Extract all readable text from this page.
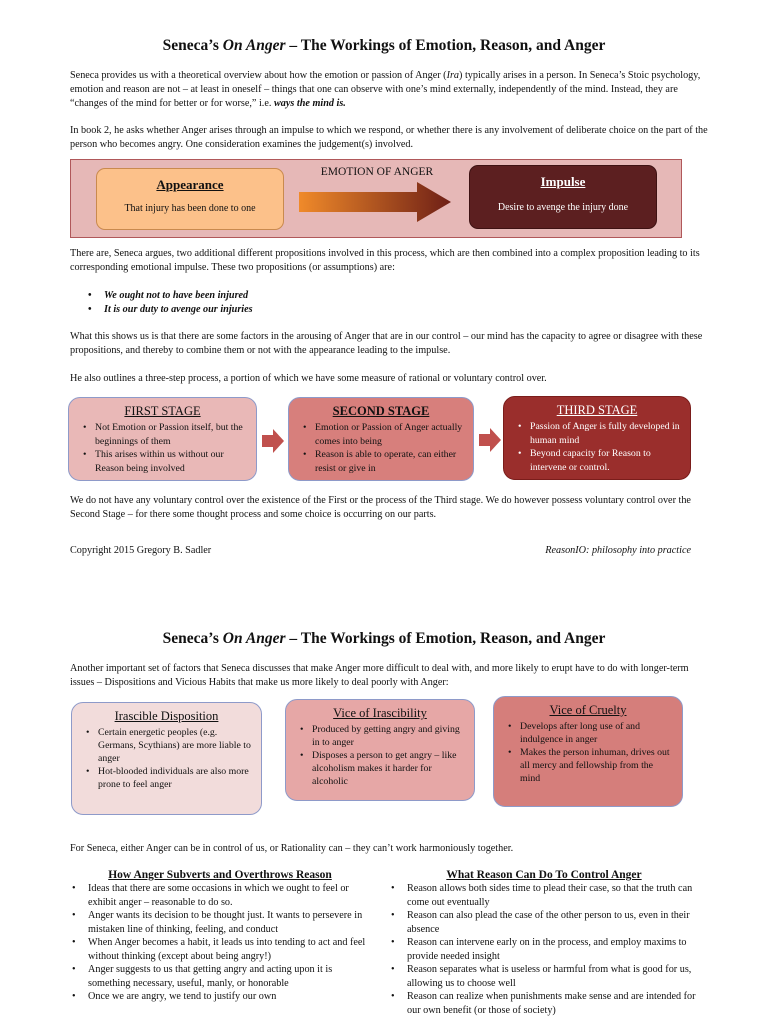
Seneca’s On Anger – The Workings of Emotion, Reason, and Anger
Seneca provides us with a theoretical overview about how the emotion or passion of Anger (Ira) typically arises in a person. In Seneca’s Stoic psychology, emotion and reason are not – at least in oneself – things that one can observe with one’s mind externally, independently of the mind. Instead, they are “changes of the mind for better or for worse,” i.e. ways the mind is.
In book 2, he asks whether Anger arises through an impulse to which we respond, or whether there is any involvement of deliberate choice on the part of the person who becomes angry. One consideration examines the judgement(s) involved.
EMOTION OF ANGER
Appearance
That injury has been done to one
Impulse
Desire to avenge the injury done
There are, Seneca argues, two additional different propositions involved in this process, which are then combined into a complex proposition leading to its corresponding emotional impulse. These two propositions (or assumptions) are:
• We ought not to have been injured
• It is our duty to avenge our injuries
What this shows us is that there are some factors in the arousing of Anger that are in our control – our mind has the capacity to agree or disagree with these propositions, and thereby to combine them or not with the appearance leading to the impulse.
He also outlines a three-step process, a portion of which we have some measure of rational or voluntary control over.
FIRST STAGE
• Not Emotion or Passion itself, but the beginnings of them
• This arises within us without our Reason being involved
SECOND STAGE
• Emotion or Passion of Anger actually comes into being
• Reason is able to operate, can either resist or give in
THIRD STAGE
• Passion of Anger is fully developed in human mind
• Beyond capacity for Reason to intervene or control.
We do not have any voluntary control over the existence of the First or the process of the Third stage. We do however possess voluntary control over the Second Stage – for there some thought process and some choice is occurring on our parts.
Copyright 2015 Gregory B. Sadler	ReasonIO: philosophy into practice
Seneca’s On Anger – The Workings of Emotion, Reason, and Anger
Another important set of factors that Seneca discusses that make Anger more difficult to deal with, and more likely to erupt have to do with longer-term issues – Dispositions and Vicious Habits that make us more likely to deal poorly with Anger:
Irascible Disposition
• Certain energetic peoples (e.g. Germans, Scythians) are more liable to anger
• Hot-blooded individuals are also more prone to feel anger
Vice of Irascibility
• Produced by getting angry and giving in to anger
• Disposes a person to get angry – like alcoholism makes it harder for alcoholic
Vice of Cruelty
• Develops after long use of and indulgence in anger
• Makes the person inhuman, drives out all mercy and fellowship from the mind
For Seneca, either Anger can be in control of us, or Rationality can – they can’t work harmoniously together.
How Anger Subverts and Overthrows Reason
• Ideas that there are some occasions in which we ought to feel or exhibit anger – reasonable to do so.
• Anger wants its decision to be thought just. It wants to persevere in mistaken line of thinking, feeling, and conduct
• When Anger becomes a habit, it leads us into tending to act and feel without thinking (except about being angry!)
• Anger suggests to us that getting angry and acting upon it is something necessary, useful, manly, or honorable
• Once we are angry, we tend to justify our own
What Reason Can Do To Control Anger
• Reason allows both sides time to plead their case, so that the truth can come out eventually
• Reason can also plead the case of the other person to us, even in their absence
• Reason can intervene early on in the process, and employ maxims to provide needed insight
• Reason separates what is useless or harmful from what is good for us, allowing us to choose well
• Reason can realize when punishments make sense and are intended for our own benefit (or those of society)
